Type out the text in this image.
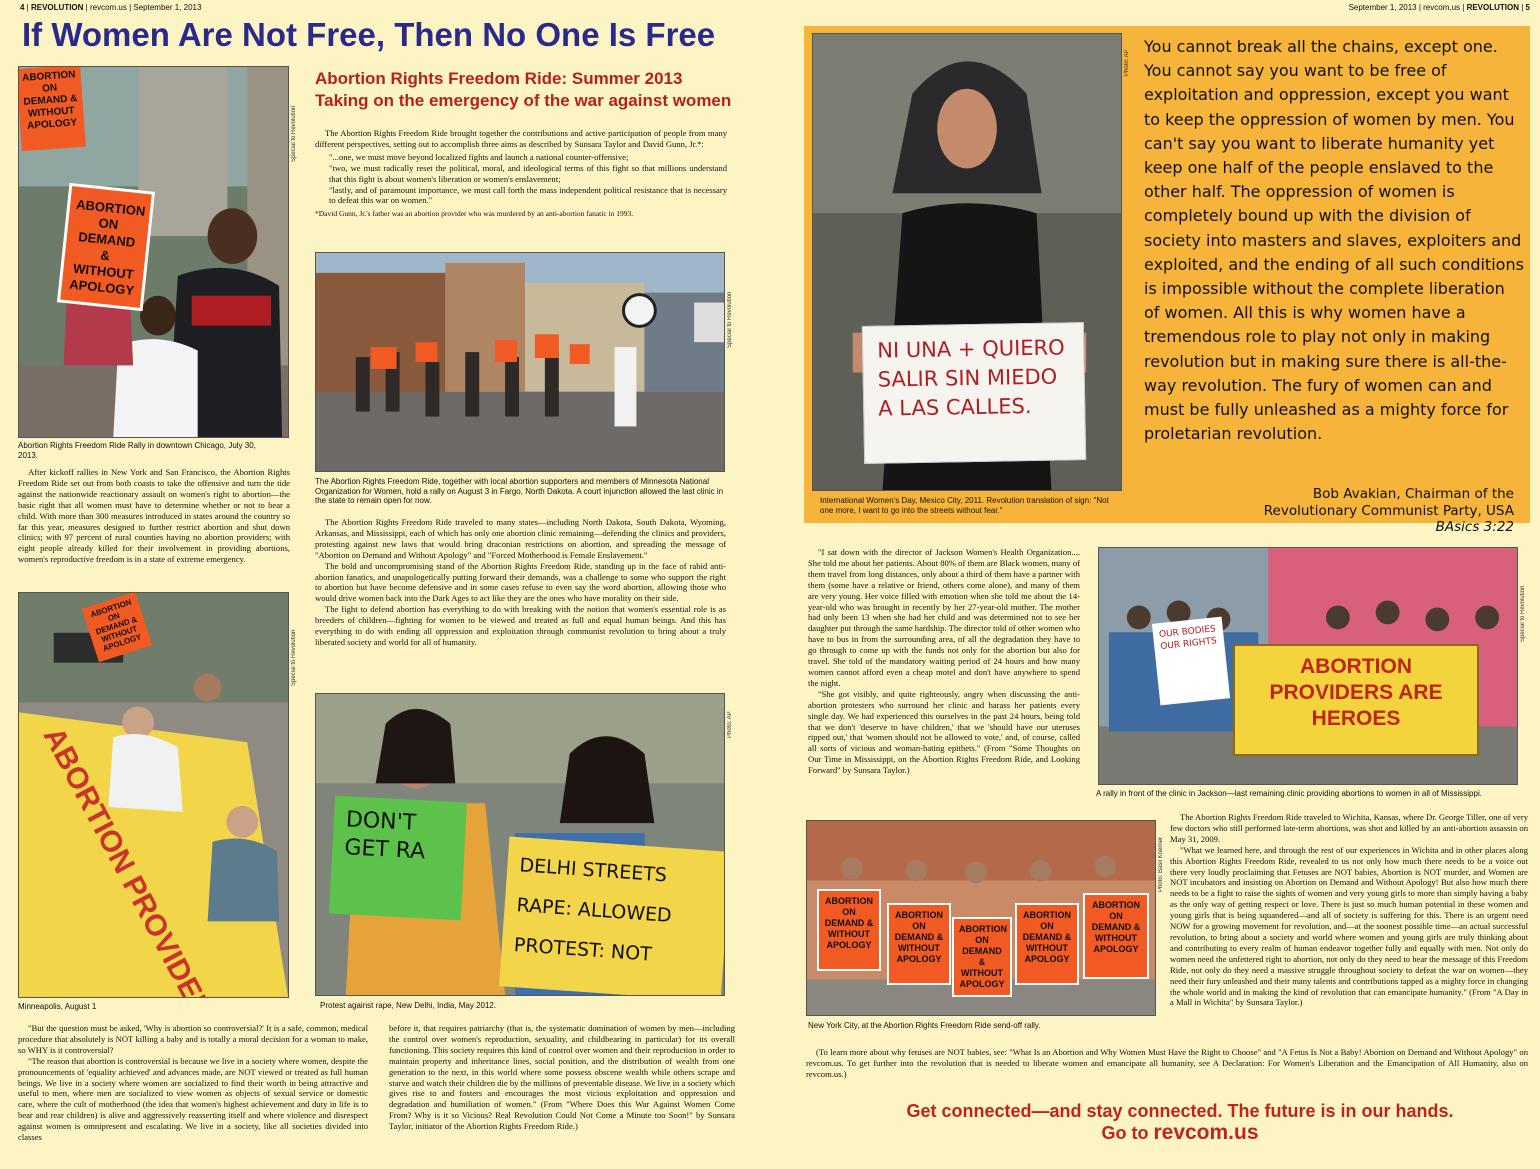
4 | REVOLUTION | revcom.us | September 1, 2013	September 1, 2013 | revcom.us | REVOLUTION | 5
If Women Are Not Free, Then No One Is Free
ABORTION ON DEMAND & WITHOUT APOLOGY
ABORTION ON DEMAND & WITHOUT APOLOGY
Special to Revolution
Abortion Rights Freedom Ride Rally in downtown Chicago, July 30, 2013.
Abortion Rights Freedom Ride: Summer 2013
Taking on the emergency of the war against women

The Abortion Rights Freedom Ride brought together the contributions and active participation of people from many different perspectives, setting out to accomplish three aims as described by Sunsara Taylor and David Gunn, Jr.*:

"...one, we must move beyond localized fights and launch a national counter-offensive;

"two, we must radically reset the political, moral, and ideological terms of this fight so that millions understand that this fight is about women's liberation or women's enslavement;

"lastly, and of paramount importance, we must call forth the mass independent political resistance that is necessary to defeat this war on women."

*David Gunn, Jr.'s father was an abortion provider who was murdered by an anti-abortion fanatic in 1993.

Special to Revolution
The Abortion Rights Freedom Ride, together with local abortion supporters and members of Minnesota National Organization for Women, hold a rally on August 3 in Fargo, North Dakota. A court injunction allowed the last clinic in the state to remain open for now.

After kickoff rallies in New York and San Francisco, the Abortion Rights Freedom Ride set out from both coasts to take the offensive and turn the tide against the nationwide reactionary assault on women's right to abortion—the basic right that all women must have to determine whether or not to bear a child. With more than 300 measures introduced in states around the country so far this year, measures designed to further restrict abortion and shut down clinics; with 97 percent of rural counties having no abortion providers; with eight people already killed for their involvement in providing abortions, women's reproductive freedom is in a state of extreme emergency.

The Abortion Rights Freedom Ride traveled to many states—including North Dakota, South Dakota, Wyoming, Arkansas, and Mississippi, each of which has only one abortion clinic remaining—defending the clinics and providers, protesting against new laws that would bring draconian restrictions on abortion, and spreading the message of "Abortion on Demand and Without Apology" and "Forced Motherhood is Female Enslavement."

The bold and uncompromising stand of the Abortion Rights Freedom Ride, standing up in the face of rabid anti-abortion fanatics, and unapologetically putting forward their demands, was a challenge to some who support the right to abortion but have become defensive and in some cases refuse to even say the word abortion, allowing those who would drive women back into the Dark Ages to act like they are the ones who have morality on their side.

The fight to defend abortion has everything to do with breaking with the notion that women's essential role is as breeders of children—fighting for women to be viewed and treated as full and equal human beings. And this has everything to do with ending all oppression and exploitation through communist revolution to bring about a truly liberated society and world for all of humanity.

ABORTION ON DEMAND & WITHOUT APOLOGY	Special to Revolution
Minneapolis, August 1
DON'T GET RA
DELHI STREETS RAPE: ALLOWED PROTEST: NOT
Photo: AP
Protest against rape, New Delhi, India, May 2012.

"But the question must be asked, 'Why is abortion so controversial?' It is a safe, common, medical procedure that absolutely is NOT killing a baby and is totally a moral decision for a woman to make, so WHY is it controversial?

"The reason that abortion is controversial is because we live in a society where women, despite the pronouncements of 'equality achieved' and advances made, are NOT viewed or treated as full human beings. We live in a society where women are socialized to find their worth in being attractive and useful to men, where men are socialized to view women as objects of sexual service or domestic care, where the cult of motherhood (the idea that women's highest achievement and duty in life is to bear and rear children) is alive and aggressively reasserting itself and where violence and disrespect against women is omnipresent and escalating. We live in a society, like all societies divided into classes

before it, that requires patriarchy (that is, the systematic domination of women by men—including the control over women's reproduction, sexuality, and childbearing in particular) for its overall functioning. This society requires this kind of control over women and their reproduction in order to maintain property and inheritance lines, social position, and the distribution of wealth from one generation to the next, in this world where some possess obscene wealth while others scrape and starve and watch their children die by the millions of preventable disease. We live in a society which gives rise to and fosters and encourages the most vicious exploitation and oppression and degradation and humiliation of women." (From "Where Does this War Against Women Come From? Why is it so Vicious? Real Revolution Could Not Come a Minute too Soon!" by Sunsara Taylor, initiator of the Abortion Rights Freedom Ride.)

Bob Avakian, Chairman of the
Revolutionary Communist Party, USA
BAsics 3:22
NI UNA + QUIERO SALIR SIN MIEDO A LAS CALLES.
Photo: AP
International Women's Day, Mexico City, 2011. Revolution translation of sign: "Not one more, I want to go into the streets without fear."
You cannot break all the chains, except one. You cannot say you want to be free of exploitation and oppression, except you want to keep the oppression of women by men. You can't say you want to liberate humanity yet keep one half of the people enslaved to the other half. The oppression of women is completely bound up with the division of society into masters and slaves, exploiters and exploited, and the ending of all such conditions is impossible without the complete liberation of women. All this is why women have a tremendous role to play not only in making revolution but in making sure there is all-the-way revolution. The fury of women can and must be fully unleashed as a mighty force for proletarian revolution.

"I sat down with the director of Jackson Women's Health Organization.... She told me about her patients. About 80% of them are Black women, many of them travel from long distances, only about a third of them have a partner with them (some have a relative or friend, others come alone), and many of them are very young. Her voice filled with emotion when she told me about the 14-year-old who was brought in recently by her 27-year-old mother. The mother had only been 13 when she had her child and was determined not to see her daughter put through the same hardship. The director told of other women who have to bus in from the surrounding area, of all the degradation they have to go through to come up with the funds not only for the abortion but also for travel. She told of the mandatory waiting period of 24 hours and how many women cannot afford even a cheap motel and don't have anywhere to spend the night.

"She got visibly, and quite righteously, angry when discussing the anti-abortion protesters who surround her clinic and harass her patients every single day. We had experienced this ourselves in the past 24 hours, being told that we don't 'deserve to have children,' that we 'should have our uteruses ripped out,' that 'women should not be allowed to vote,' and, of course, called all sorts of vicious and woman-hating epithets." (From "Some Thoughts on Our Time in Mississippi, on the Abortion Rights Freedom Ride, and Looking Forward" by Sunsara Taylor.)

OUR BODIES OUR RIGHTS
ABORTION PROVIDERS ARE HEROES
Special to Revolution
A rally in front of the clinic in Jackson—last remaining clinic providing abortions to women in all of Mississippi.
ABORTION ON DEMAND & WITHOUT APOLOGY
ABORTION ON DEMAND & WITHOUT APOLOGY
ABORTION ON DEMAND & WITHOUT APOLOGY
ABORTION ON DEMAND & WITHOUT APOLOGY
ABORTION ON DEMAND & WITHOUT APOLOGY
Photo: Basil Koerner
New York City, at the Abortion Rights Freedom Ride send-off rally.

The Abortion Rights Freedom Ride traveled to Wichita, Kansas, where Dr. George Tiller, one of very few doctors who still performed late-term abortions, was shot and killed by an anti-abortion assassin on May 31, 2009.

"What we learned here, and through the rest of our experiences in Wichita and in other places along this Abortion Rights Freedom Ride, revealed to us not only how much there needs to be a voice out there very loudly proclaiming that Fetuses are NOT babies, Abortion is NOT murder, and Women are NOT incubators and insisting on Abortion on Demand and Without Apology! But also how much there needs to be a fight to raise the sights of women and very young girls to more than simply having a baby as the only way of getting respect or love. There is just so much human potential in these women and young girls that is being squandered—and all of society is suffering for this. There is an urgent need NOW for a growing movement for revolution, and—at the soonest possible time—an actual successful revolution, to bring about a society and world where women and young girls are truly thinking about and contributing to every realm of human endeavor together fully and equally with men. Not only do women need the unfettered right to abortion, not only do they need to hear the message of this Freedom Ride, not only do they need a massive struggle throughout society to defeat the war on women—they need their fury unleashed and their many talents and contributions tapped as a mighty force in changing the whole world and in making the kind of revolution that can emancipate humanity." (From "A Day in a Mall in Wichita" by Sunsara Taylor.)

(To learn more about why fetuses are NOT babies, see: "What Is an Abortion and Why Women Must Have the Right to Choose" and "A Fetus Is Not a Baby! Abortion on Demand and Without Apology" on revcom.us. To get further into the revolution that is needed to liberate women and emancipate all humanity, see A Declaration: For Women's Liberation and the Emancipation of All Humanity, also on revcom.us.)

Get connected—and stay connected. The future is in our hands.
Go to revcom.us
